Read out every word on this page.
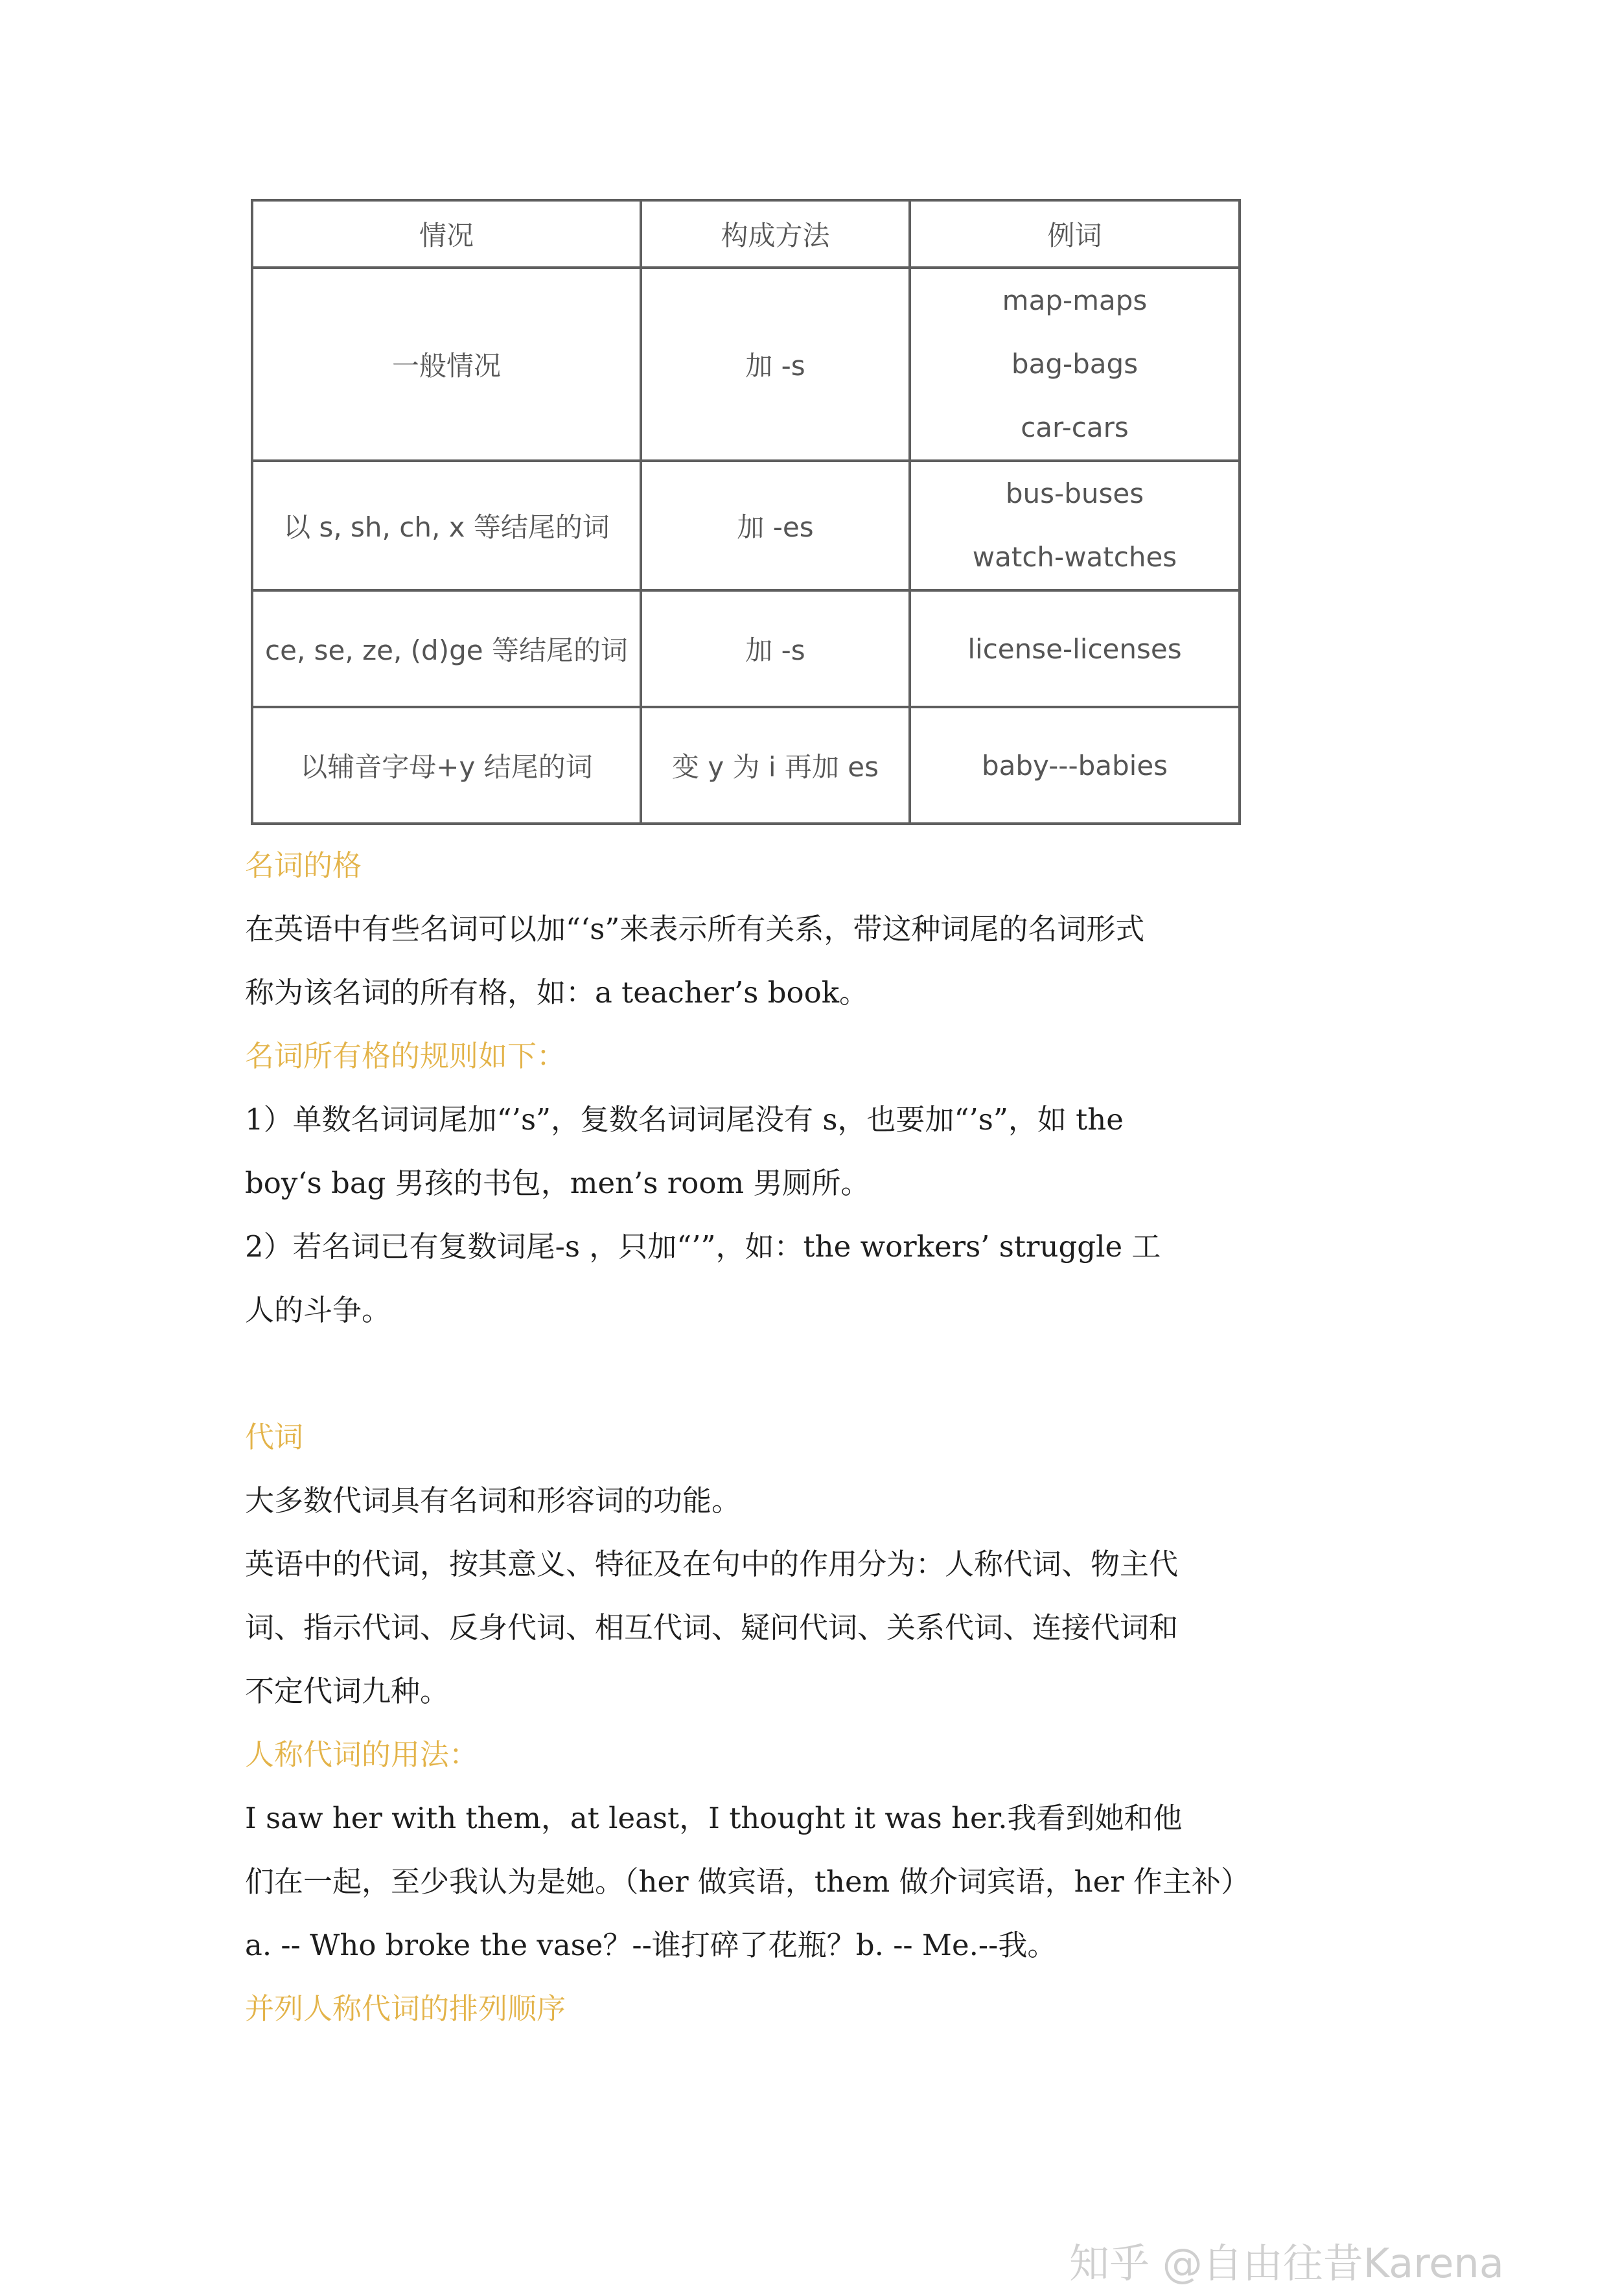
情况	构成方法	例词
一般情况	加 -s	map-maps
bag-bags
car-cars

以 s, sh, ch, x 等结尾的词	加 -es	bus-buses
watch-watches

ce, se, ze, (d)ge 等结尾的词	加 -s	license-licenses

以辅音字母+y 结尾的词	变 y 为 i 再加 es	baby---babies
名词的格
在英语中有些名词可以加“‘s”来表示所有关系，带这种词尾的名词形式
称为该名词的所有格，如：a teacher’s book。
名词所有格的规则如下：
1）单数名词词尾加“’s”，复数名词词尾没有 s，也要加“’s”，如 the
boy‘s bag 男孩的书包，men’s room 男厕所。
2）若名词已有复数词尾-s ，只加“’”，如：the workers’ struggle 工
人的斗争。
代词
大多数代词具有名词和形容词的功能。
英语中的代词，按其意义、特征及在句中的作用分为：人称代词、物主代
词、指示代词、反身代词、相互代词、疑问代词、关系代词、连接代词和
不定代词九种。
人称代词的用法：
I saw her with them，at least，I thought it was her.我看到她和他
们在一起，至少我认为是她。（her 做宾语，them 做介词宾语，her 作主补）
a. -- Who broke the vase？--谁打碎了花瓶？b. -- Me.--我。
并列人称代词的排列顺序
知乎 @自由往昔Karena
